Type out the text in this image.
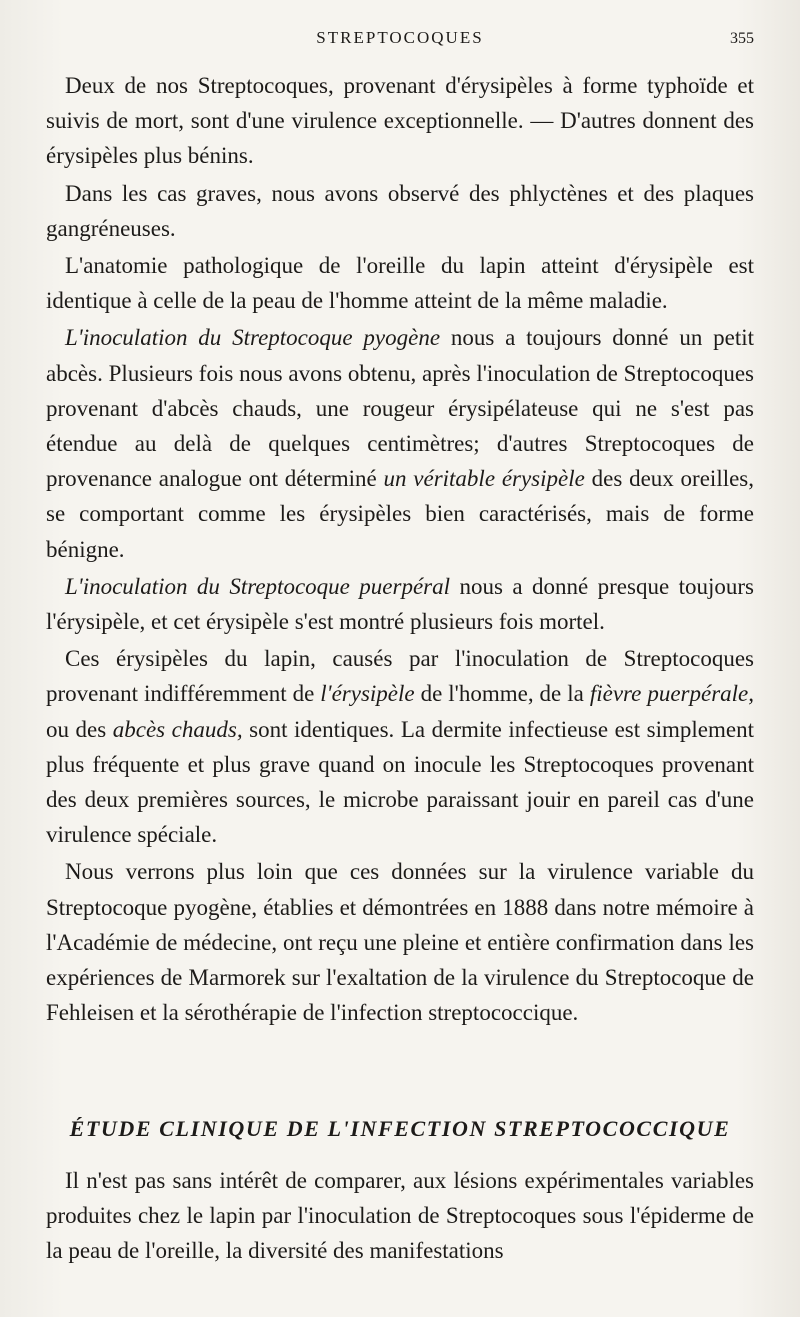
STREPTOCOQUES	355

Deux de nos Streptocoques, provenant d'érysipèles à forme typhoïde et suivis de mort, sont d'une virulence exceptionnelle. — D'autres donnent des érysipèles plus bénins.

Dans les cas graves, nous avons observé des phlyctènes et des plaques gangréneuses.

L'anatomie pathologique de l'oreille du lapin atteint d'érysipèle est identique à celle de la peau de l'homme atteint de la même maladie.

L'inoculation du Streptocoque pyogène nous a toujours donné un petit abcès. Plusieurs fois nous avons obtenu, après l'inoculation de Streptocoques provenant d'abcès chauds, une rougeur érysipélateuse qui ne s'est pas étendue au delà de quelques centimètres; d'autres Streptocoques de provenance analogue ont déterminé un véritable érysipèle des deux oreilles, se comportant comme les érysipèles bien caractérisés, mais de forme bénigne.

L'inoculation du Streptocoque puerpéral nous a donné presque toujours l'érysipèle, et cet érysipèle s'est montré plusieurs fois mortel.

Ces érysipèles du lapin, causés par l'inoculation de Streptocoques provenant indifféremment de l'érysipèle de l'homme, de la fièvre puerpérale, ou des abcès chauds, sont identiques. La dermite infectieuse est simplement plus fréquente et plus grave quand on inocule les Streptocoques provenant des deux premières sources, le microbe paraissant jouir en pareil cas d'une virulence spéciale.

Nous verrons plus loin que ces données sur la virulence variable du Streptocoque pyogène, établies et démontrées en 1888 dans notre mémoire à l'Académie de médecine, ont reçu une pleine et entière confirmation dans les expériences de Marmorek sur l'exaltation de la virulence du Streptocoque de Fehleisen et la sérothérapie de l'infection streptococcique.

ÉTUDE CLINIQUE DE L'INFECTION STREPTOCOCCIQUE

Il n'est pas sans intérêt de comparer, aux lésions expérimentales variables produites chez le lapin par l'inoculation de Streptocoques sous l'épiderme de la peau de l'oreille, la diversité des manifestations
